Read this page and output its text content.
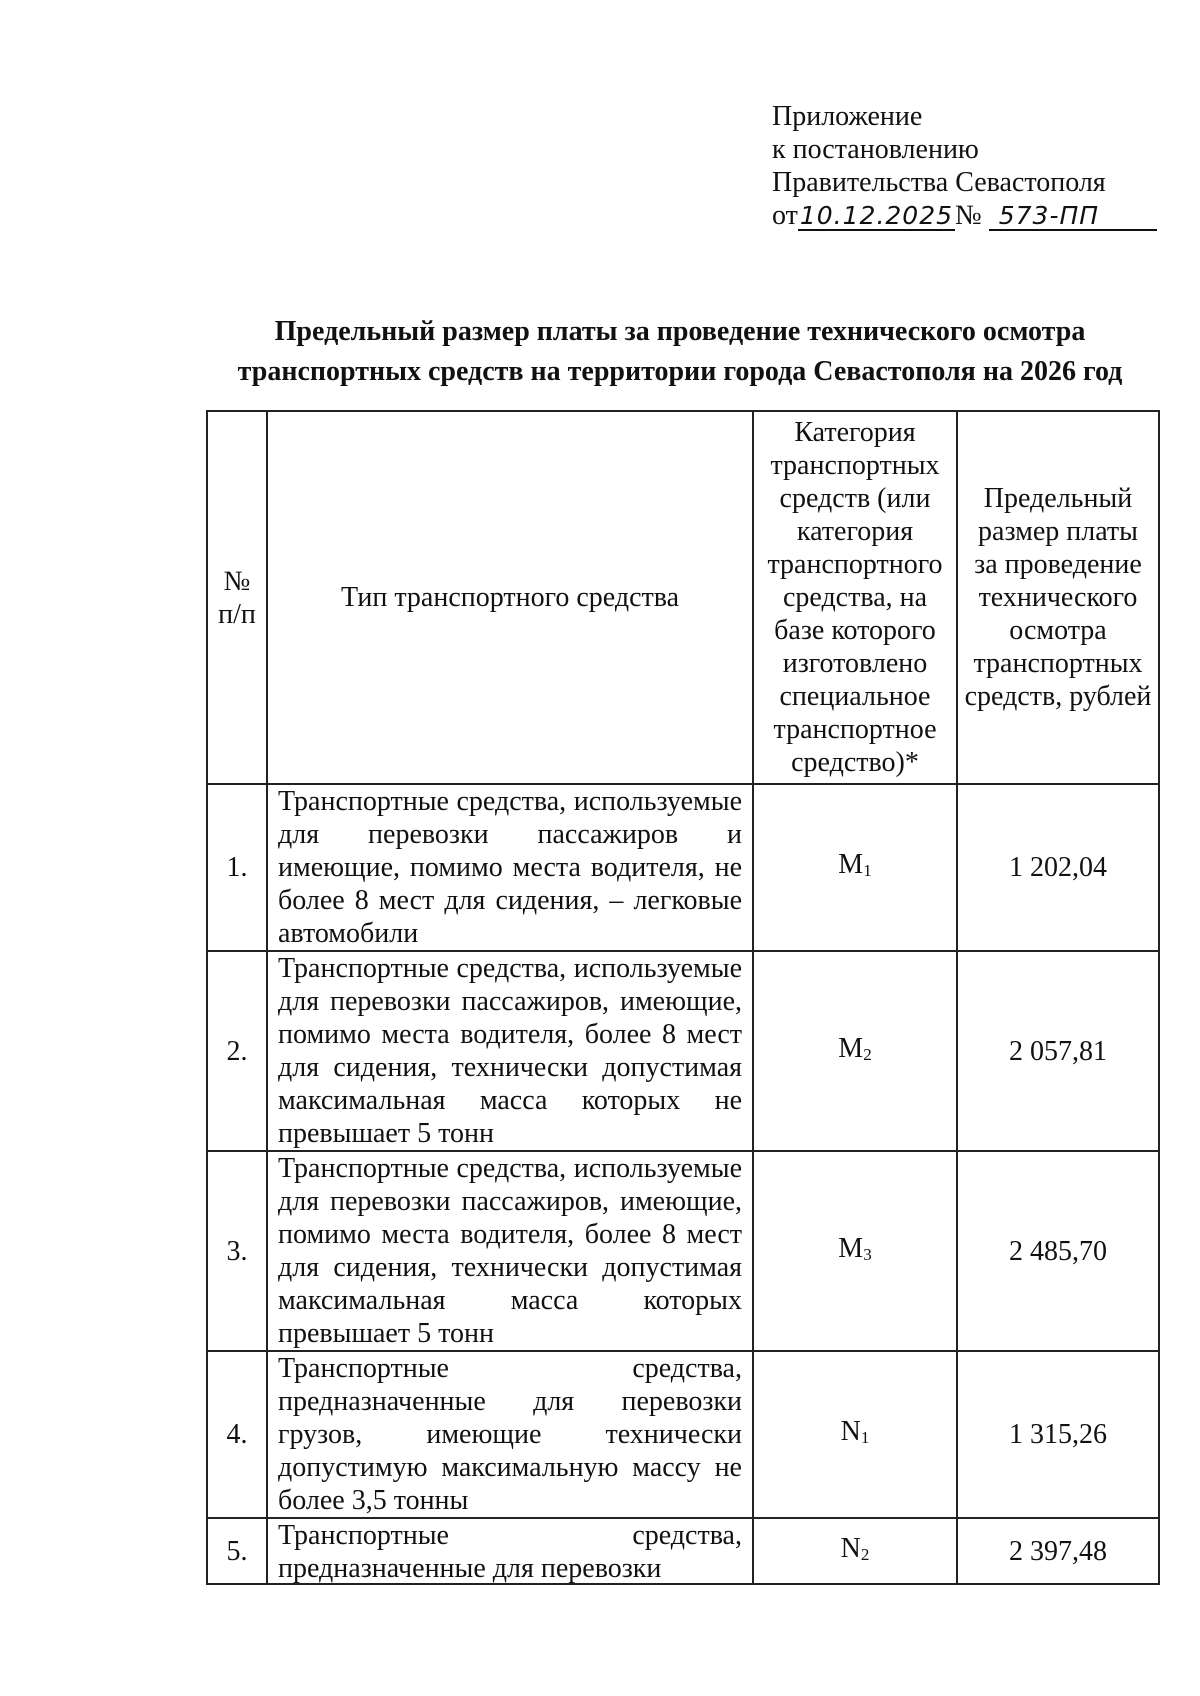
Приложение
к постановлению
Правительства Севастополя
от10.12.2025№ 573-ПП
Предельный размер платы за проведение технического осмотра
транспортных средств на территории города Севастополя на 2026 год
№ п/п	Тип транспортного средства	Категория транспортных средств (или категория транспортного средства, на базе которого изготовлено специальное транспортное средство)*	Предельный размер платы за проведение технического осмотра транспортных средств, рублей
1.	Транспортные средства, используемые для перевозки пассажиров и имеющие, помимо места водителя, не более 8 мест для сидения, – легковые автомобили	$M_1$	1 202,04
2.	Транспортные средства, используемые для перевозки пассажиров, имеющие, помимо места водителя, более 8 мест для сидения, технически допустимая максимальная масса которых не превышает 5 тонн	$M_2$	2 057,81
3.	Транспортные средства, используемые для перевозки пассажиров, имеющие, помимо места водителя, более 8 мест для сидения, технически допустимая максимальная масса которых превышает 5 тонн	$M_3$	2 485,70
4.	Транспортные средства, предназначенные для перевозки грузов, имеющие технически допустимую максимальную массу не более 3,5 тонны	$N_1$	1 315,26
5.	Транспортные средства, предназначенные для перевозки	$N_2$	2 397,48
